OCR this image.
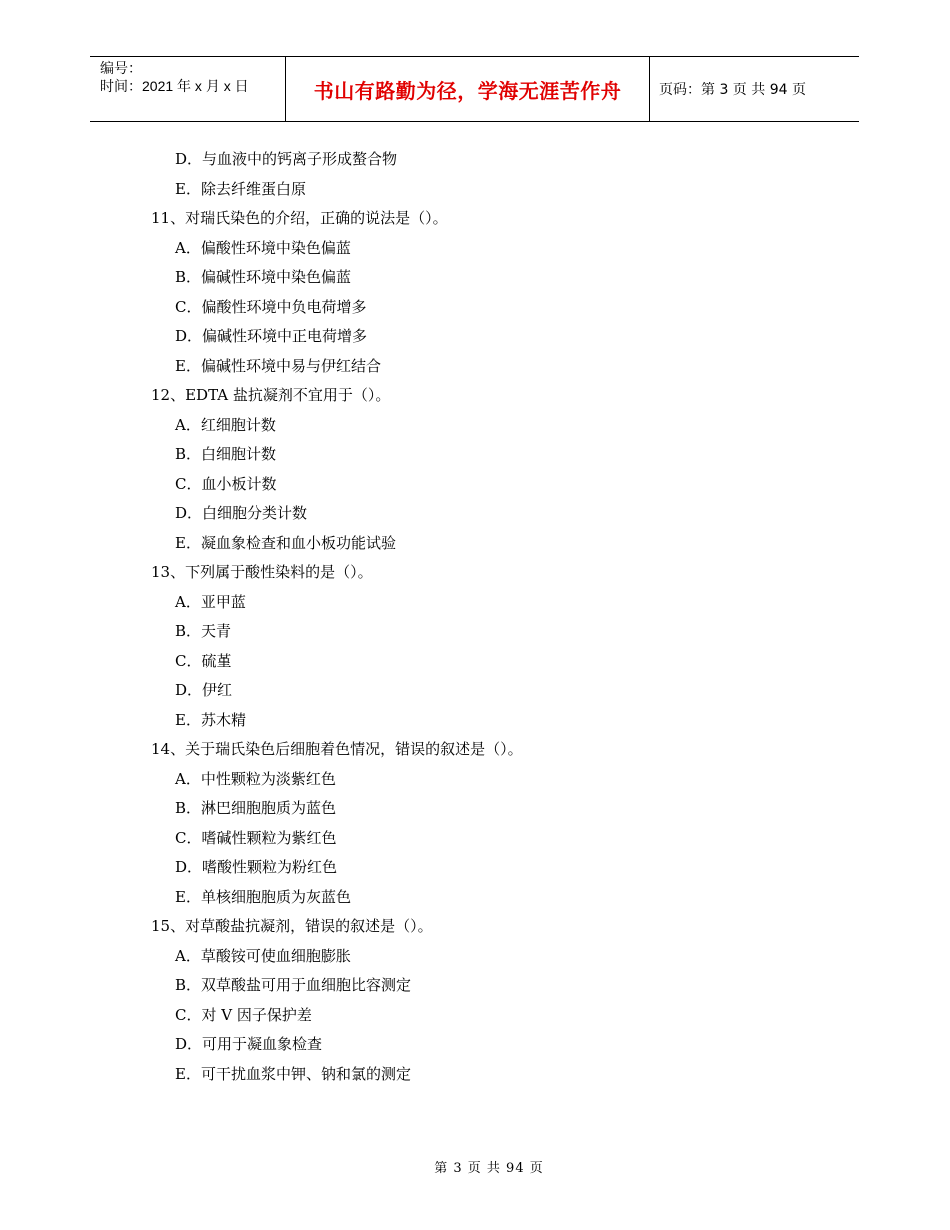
编号：
时间：2021 年 x 月 x 日	书山有路勤为径，学海无涯苦作舟	页码：第 3 页 共 94 页
D．与血液中的钙离子形成螯合物
E．除去纤维蛋白原
11、对瑞氏染色的介绍，正确的说法是（）。
A．偏酸性环境中染色偏蓝
B．偏碱性环境中染色偏蓝
C．偏酸性环境中负电荷增多
D．偏碱性环境中正电荷增多
E．偏碱性环境中易与伊红结合
12、EDTA 盐抗凝剂不宜用于（）。
A．红细胞计数
B．白细胞计数
C．血小板计数
D．白细胞分类计数
E．凝血象检查和血小板功能试验
13、下列属于酸性染料的是（）。
A．亚甲蓝
B．天青
C．硫堇
D．伊红
E．苏木精
14、关于瑞氏染色后细胞着色情况，错误的叙述是（）。
A．中性颗粒为淡紫红色
B．淋巴细胞胞质为蓝色
C．嗜碱性颗粒为紫红色
D．嗜酸性颗粒为粉红色
E．单核细胞胞质为灰蓝色
15、对草酸盐抗凝剂，错误的叙述是（）。
A．草酸铵可使血细胞膨胀
B．双草酸盐可用于血细胞比容测定
C．对 V 因子保护差
D．可用于凝血象检查
E．可干扰血浆中钾、钠和氯的测定
第 3 页 共 94 页
